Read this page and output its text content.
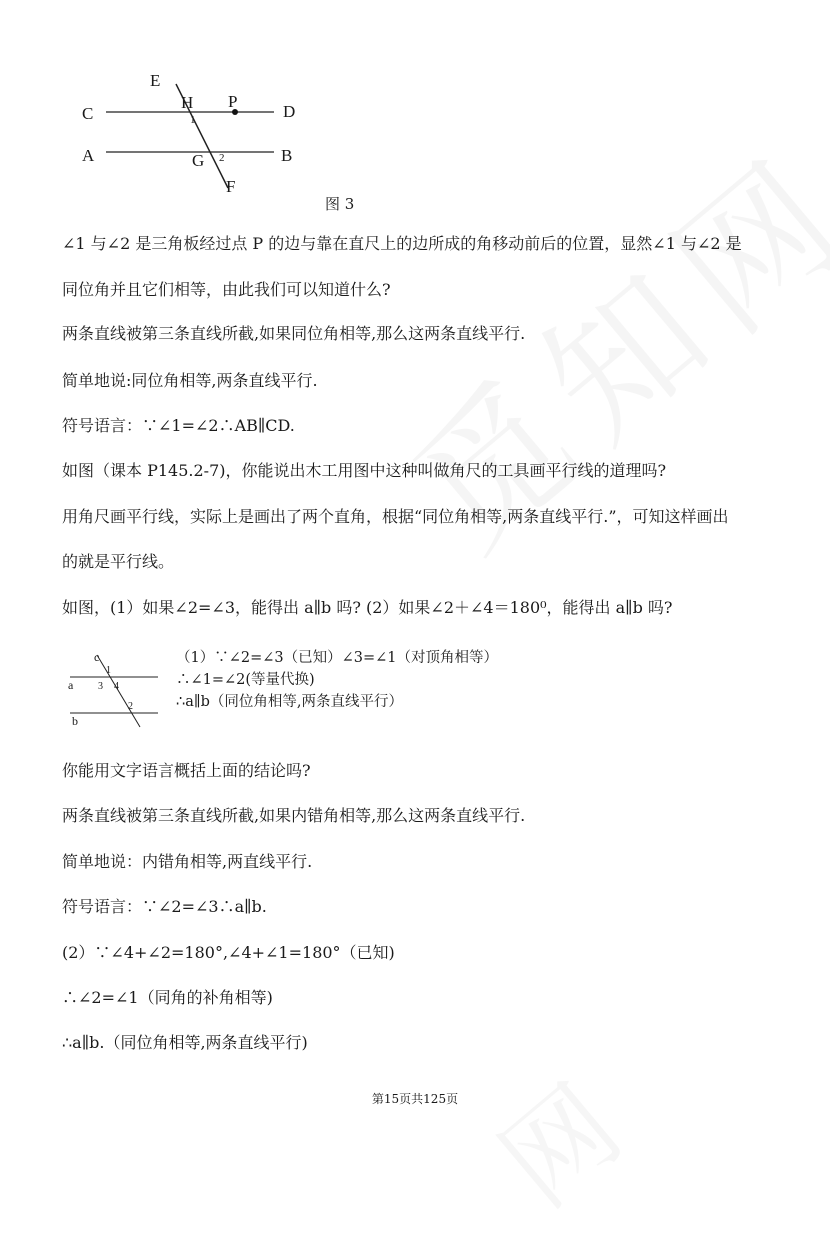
E
H P
C	D
1
A	G 2	B
F
图 3
∠1 与∠2 是三角板经过点 P 的边与靠在直尺上的边所成的角移动前后的位置，显然∠1 与∠2 是
同位角并且它们相等，由此我们可以知道什么?
两条直线被第三条直线所截,如果同位角相等,那么这两条直线平行.
简单地说:同位角相等,两条直线平行.
符号语言：∵∠1=∠2∴AB∥CD.
如图（课本 P145.2-7)，你能说出木工用图中这种叫做角尺的工具画平行线的道理吗?
用角尺画平行线，实际上是画出了两个直角，根据“同位角相等,两条直线平行.”，可知这样画出
的就是平行线。
如图，(1）如果∠2=∠3，能得出 a∥b 吗? (2）如果∠2＋∠4＝180⁰，能得出 a∥b 吗?
c
1
a 3 4
2
b
（1）∵∠2=∠3（已知）∠3=∠1（对顶角相等）
∴∠1=∠2(等量代换)
∴a∥b（同位角相等,两条直线平行）
你能用文字语言概括上面的结论吗?
两条直线被第三条直线所截,如果内错角相等,那么这两条直线平行.
简单地说：内错角相等,两直线平行.
符号语言：∵∠2=∠3∴a∥b.
(2）∵∠4+∠2=180°,∠4+∠1=180°（已知)
∴∠2=∠1（同角的补角相等)
∴a∥b.（同位角相等,两条直线平行)
第15页共125页
